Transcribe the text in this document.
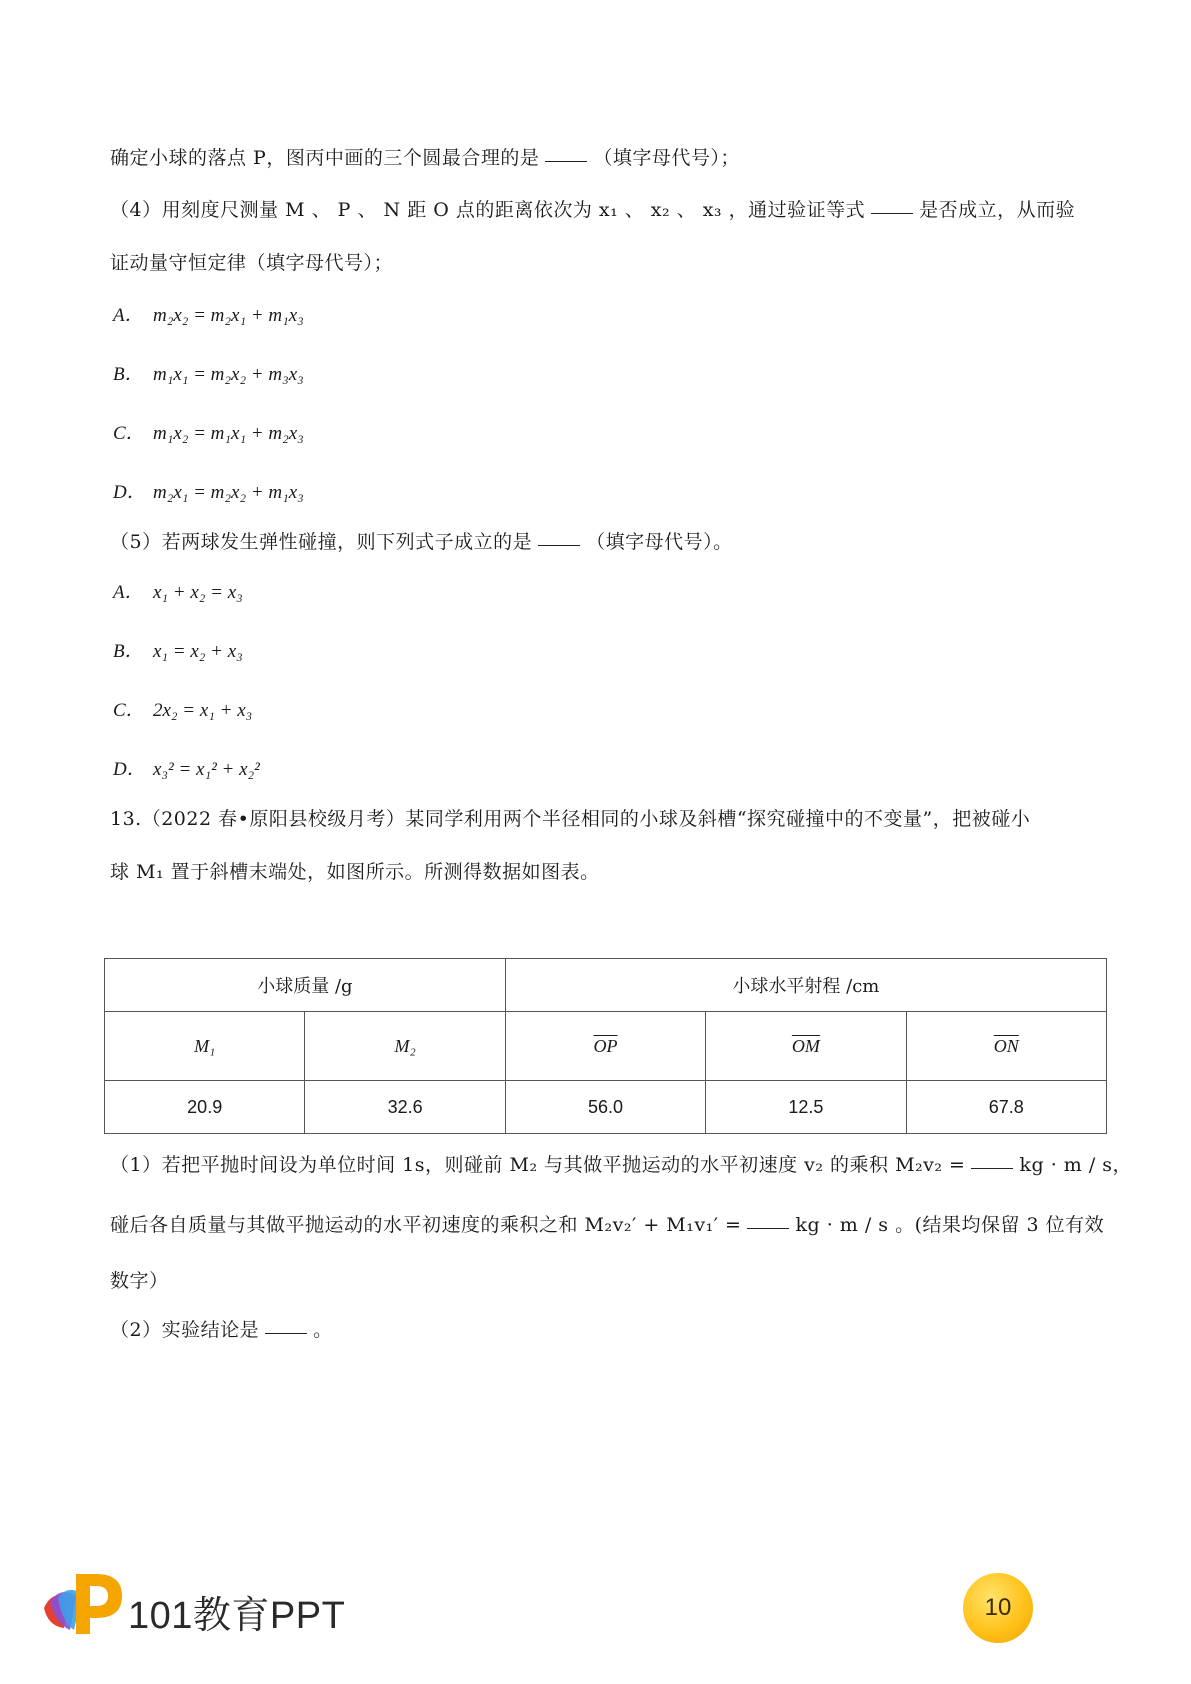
确定小球的落点 P，图丙中画的三个圆最合理的是	（填字母代号）；
（4）用刻度尺测量 M 、 P 、 N 距 O 点的距离依次为 x₁ 、 x₂ 、 x₃ ，通过验证等式	是否成立，从而验
证动量守恒定律（填字母代号）；
A． m₂x₂ = m₂x₁ + m₁x₃
B． m₁x₁ = m₂x₂ + m₃x₃
C． m₁x₂ = m₁x₁ + m₂x₃
D． m₂x₁ = m₂x₂ + m₁x₃
（5）若两球发生弹性碰撞，则下列式子成立的是	（填字母代号）。
A． x₁ + x₂ = x₃
B． x₁ = x₂ + x₃
C． 2x₂ = x₁ + x₃
D． x₃² = x₁² + x₂²
13.（2022 春•原阳县校级月考）某同学利用两个半径相同的小球及斜槽“探究碰撞中的不变量”，把被碰小
球 M₁ 置于斜槽末端处，如图所示。所测得数据如图表。
小球质量 /g		小球水平射程 /cm		
M₁	M₂	$\overline{OP}$	$\overline{OM}$	$\overline{ON}$
20.9	32.6	56.0	12.5	67.8
（1）若把平抛时间设为单位时间 1s，则碰前 M₂ 与其做平抛运动的水平初速度 v₂ 的乘积 M₂v₂ =	kg · m / s，
碰后各自质量与其做平抛运动的水平初速度的乘积之和 M₂v₂′ + M₁v₁′ =	kg · m / s 。(结果均保留 3 位有效
数字）
（2）实验结论是	。
101教育PPT	10
